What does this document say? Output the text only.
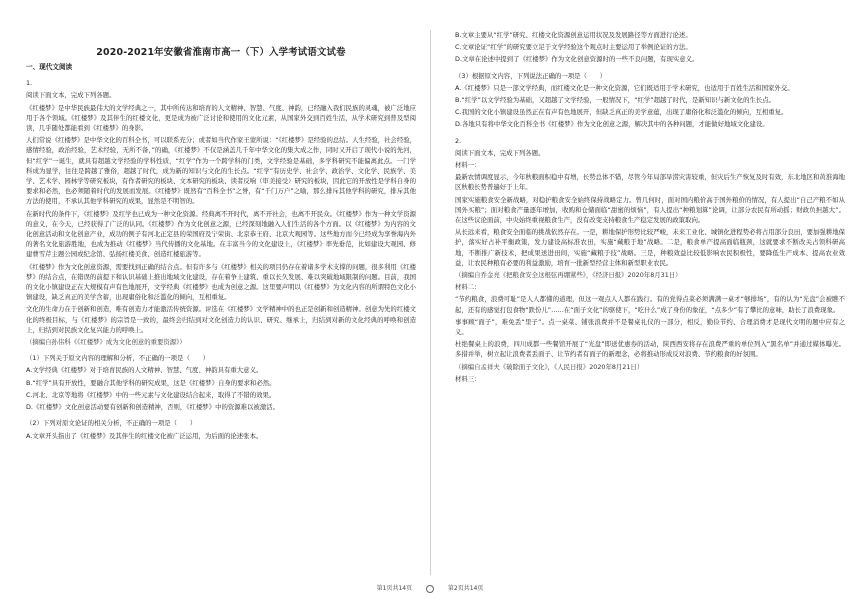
2020-2021年安徽省淮南市高一（下）入学考试语文试卷

一、现代文阅读

1.

阅读下面文本，完成下列各题。

《红楼梦》是中华民族最伟大的文学经典之一，其中所传达和培育的人文精神、智慧、气度、神韵，已经融入我们民族的灵魂，被广泛地应用于各个领域。《红楼梦》及其伴生的红楼文化，更是成为被广泛讨论和使用的文化元素，从国家外交到百姓生活，从学术研究到普及型阅读，几乎随处都能看到《红楼梦》的身影。

人们常说《红楼梦》是中华文化的百科全书，可以联系充分；或者如当代作家王蒙所说：“《红楼梦》是经验的总结。人生经验，社会经验，感情经验，政治经验，艺术经验，无所不备，”的确，《红楼梦》不仅是涵盖几千年中华文化的集大成之作，同时又开启了现代小说的先河，但“红学”一诞生，就具有超越文学经验的学科性质，“红学”作为一个跨学科的门类，文学经验是基础，多学科研究不能偏离此点。一门学科成为显学，往往是跨越了雅俗，超越了时代，成为新的知识与文化的生长点。“红学”有历史学、社会学、政治学、文化学、民族学、美学、艺术学、园林学等研究板块，有作者研究的板块、文本研究的板块、读者反响（审美接受）研究的板块，因此它的开放性是学科自身的要求和必然，也必须随着时代的发展而发展。《红楼梦》既然有“百科全书”之誉，有“千门万户”之喻，那么排斥其他学科的研究，排斥其他方法的使用，不承认其他学科研究的成果，显然是不明智的。

在新时代的条件下，《红楼梦》及红学也已成为一种文化资源。经典离不开时代，离不开社会，也离不开民众。《红楼梦》作为一种文学资源的意义，在今天，已经获得了广泛的认同。《红楼梦》作为文化创意之源，已经深刻地融入人们生活的各个方面。以《红楼梦》为内容的文化创意活动和文化创意产业，成功的例子有河北正定县的荣国府及宁荣街、北京恭王府、北京大观园等。这些地方而今已经成为享誉海内外的著名文化旅游胜地，也成为推动《红楼梦》当代传播的文化基地。在丰富当今的文化建设上，《红楼梦》率先垂范，比如建设大观园、修建曹雪芹主题公园或纪念馆、弘扬红楼美食、创造红楼旅游等。

《红楼梦》作为文化创意资源，需要找到正确的结合点。但有许多与《红楼梦》相关的项目仍存在着诸多学术支撑的问题，很多利用《红楼梦》的结合点，在错误的前提下和认识基础上推出地域文化建设，存在着争上建筑、重以长久发展、难以突破地域限制的问题。目前，我国的文化小镇建设正在大规模有声有色地展开，文学经典《红楼梦》也成为创意之源。这里要声明以《红楼梦》为文化内容的所谓特色文化小镇建设，缺乏真正的美学含蓄，出现庸俗化和泛滥化的倾向，互相重复。

文化的生命力在于创新和创造，唯有创造力才能激活传统资源。评选在《红楼梦》文学精神中的也正是创新和创造精神。创意为先的红楼文化的终极目标，与《红楼梦》的宗旨是一致的，最终会归结到对文化创造力的认识、研究、继承上，归结到对新的文化经典的呼唤和创造上，归结到对民族文化复兴能力的呼唤上。

（摘编自孙伟科《《红楼梦》成为文化创意的重要资源》）

（1）下列关于原文内容的理解和分析，不正确的一项是（　　）

A.文学经典《红楼梦》对于培育民族的人文精神、智慧、气度、神韵具有重大意义。

B.“红学”具有开放性，要融合其他学科的研究成果，这是《红楼梦》自身的要求和必然。

C.河北、北京等地将《红楼梦》中的一些元素与文化建设结合起来，取得了不错的效果。

D.《红楼梦》文化创意活动要有创新和创造精神，否则，《红楼梦》中的资源难以被激活。

（2）下列对原文论证的相关分析，不正确的一项是（　　）

A.文章开头指出了《红楼梦》及其伴生的红楼文化被广泛运用，为后面的论述张本。

B.文章主要从“红学”研究、红楼文化资源创意运用状况及发展路径等方面进行论述。

C.文章论证“红学”的研究要立足于文学经验这个观点时主要运用了举例论证的方法。

D.文章在论述中提到了《红楼梦》作为文化创意资源时的一些不良问题，有现实意义。

（3）根据原文内容，下列说法正确的一项是（　　）

A.《红楼梦》只是一部文学经典，而红楼文化是一种文化资源，它们既适用于学术研究，也适用于百姓生活和国家外交。

B.“红学”以文学经验为基础，又超越了文学经验，一般情况下，“红学”超越了时代，是新知识与新文化的生长点。

C.我国的文化小镇建设虽然正在有声有色地展开，但缺乏真正的美学意蕴，出现了庸俗化和泛滥化的倾向，互相重复。

D.各地只有将中华文化百科全书《红楼梦》作为文化创意之源，解决其中的各种问题，才能做好地域文化建设。

2.

阅读下面文本，完成下列各题。

材料一：

最新农情调度显示，今年秋粮面积稳中有增，长势总体不错，尽管今年局部旱涝灾害较重，但灾后生产恢复及时有效，东北地区和黄淮海地区秋粮长势普遍好于上年。

国家实施粮食安全新战略，对稳护粮食安全始终保持战略定力。曾几何时，面对国内粮价高于国外粮价的情况，有人提出“自己产粮不如从国外买粮”；面对粮食产量逐年增加，收购和仓储面临“甜蜜的烦恼”，有人提出“种粮划算”论调，让部分农民有所动摇；财政负担越大”。在这些议论面前，中央始终重视粮食生产，没有改变支持粮食生产稳定发展的政策取向。

从长远来看，粮食安全面临的挑战依然存在。一是，耕地保护形势比较严峻，未来工业化、城镇化进程势必将占用部分良田，要加强耕地保护，落实好占补平衡政策，发力建设高标准农田，实施“藏粮于地”战略。二是，粮食单产提高面临瓶颈，这就要求不断改关占领科研高地，不断推广新技术，把成果送进田间，实施“藏粮于技”战略。三是，种粮效益比较低影响农民积极性，要降低生产成本、提高农业效益，让农民种粮有必要的利益激励，培育一批新型经营主体和新型职业农民。

（摘编自乔金亮《把粮食安全这根弦再绷紧些》，《经济日报》2020年8月31日）

材料二：

“节约粮食，浪费可耻”是人人都懂的道理，但这一观点人人都在践行。有的党得点菜必须满满一桌才“够排场”，有的认为“光盘”会被瞧不起，还有的感觉打包食物“跌份儿”……在“面子文化”的驱使下，“吃什么”成了身份的象征，“点多少”有了攀比的意味，助长了浪费现象。

事事顾“面子”，难免丢“里子”。点一桌菜、铺张浪费并不是餐桌礼仪的一部分，相反，勤俭节约、合理消费才是现代文明的题中应有之义。

杜绝餐桌上的浪费，四川成都一些餐馆开展了“光盘”即送优惠券的活动，陕西西安将存在浪费严重的单位列入“黑名单”并通过媒体曝光。多措并举，树立起让浪费者丢面子、让节约者有面子的新理念，必将推动形成反对浪费、节约粮食的好氛围。

（摘编自孟祥夫《破除面子文化》，《人民日报》2020年8月21日）

材料三：

第1页共14页	第2页共14页
